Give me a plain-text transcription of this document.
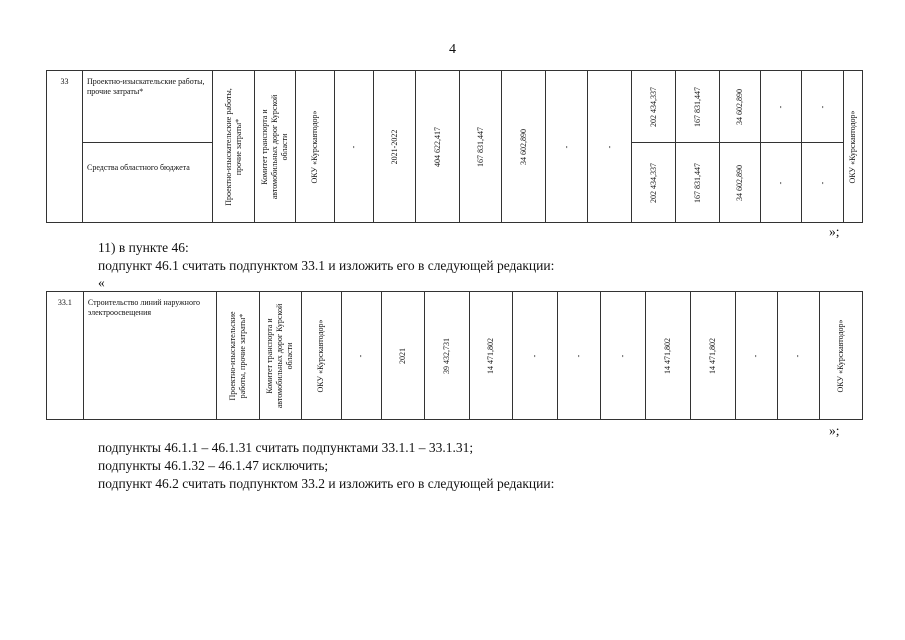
4
33	Проектно-изыскательские работы, прочие затраты*	Проектно-изыскательские работы, прочие затраты*	Комитет транспорта и автомобильных дорог Курской области	ОКУ «Курскавтодор»	-	2021-2022	404 622,417	167 831,447	34 602,890	-	-	202 434,337	167 831,447	34 602,890	-	-	ОКУ «Курскавтодор»

	Средства областного бюджета											202 434,337	167 831,447	34 602,890	-	-	
»;
11) в пункте 46:
подпункт 46.1 считать подпунктом 33.1 и изложить его в следующей редакции:
«
33.1	Строительство линий наружного электроосвещения	Проектно-изыскательские работы, прочие затраты*	Комитет транспорта и автомобильных дорог Курской области	ОКУ «Курскавтодор»	-	2021	39 432,731	14 471,802	-	-	-	14 471,802	14 471,802	-	-	ОКУ «Курскавтодор»
»;
подпункты 46.1.1 – 46.1.31 считать подпунктами 33.1.1 – 33.1.31;
подпункты 46.1.32 – 46.1.47 исключить;
подпункт 46.2 считать подпунктом 33.2 и изложить его в следующей редакции:
